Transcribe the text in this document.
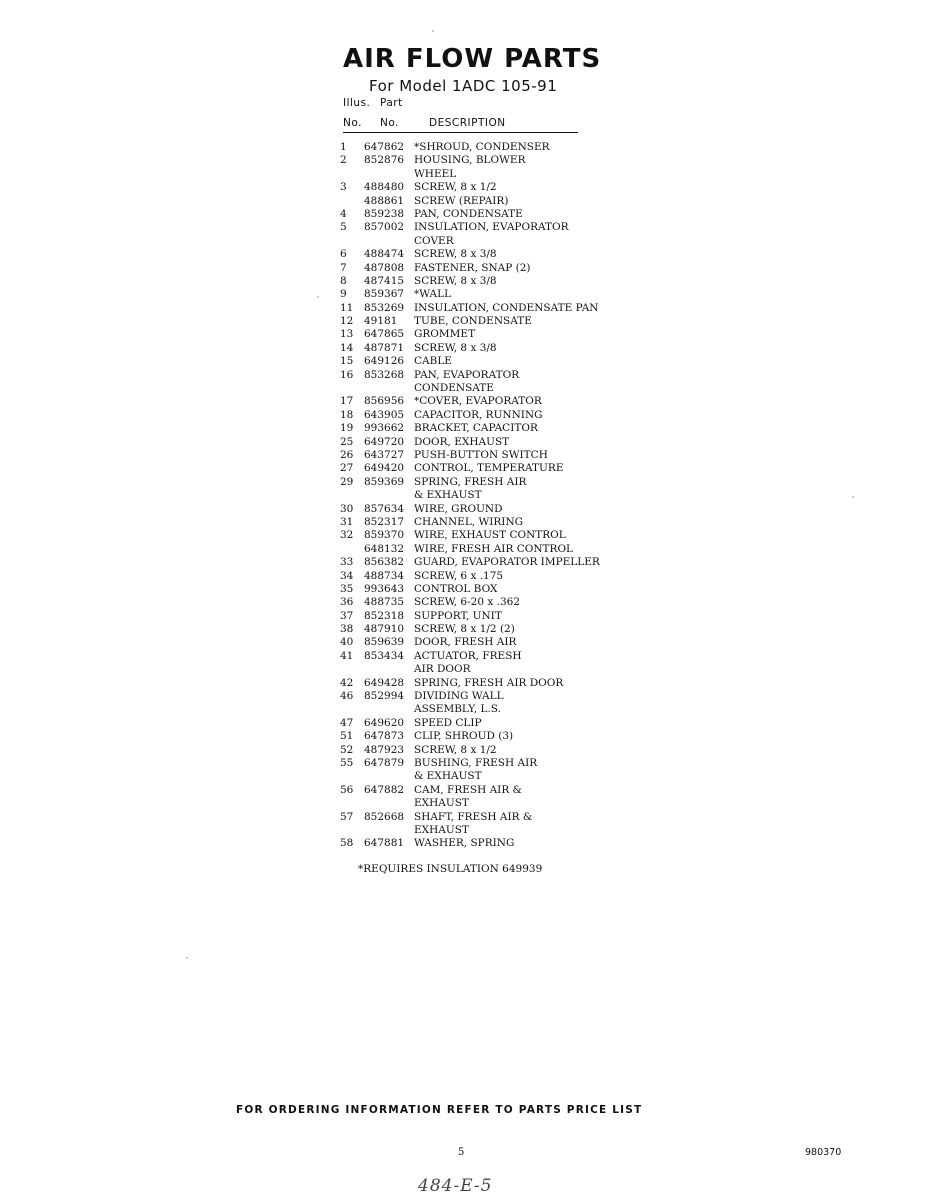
AIR FLOW PARTS
For Model 1ADC 105-91
Illus. Part
No. No.	DESCRIPTION
1 647862 *SHROUD, CONDENSER
2 852876 HOUSING, BLOWER
WHEEL
3 488480 SCREW, 8 x 1/2
488861 SCREW (REPAIR)
4 859238 PAN, CONDENSATE
5 857002 INSULATION, EVAPORATOR
COVER
6 488474 SCREW, 8 x 3/8
7 487808 FASTENER, SNAP (2)
8 487415 SCREW, 8 x 3/8
9 859367 *WALL
11 853269 INSULATION, CONDENSATE PAN
12 49181 TUBE, CONDENSATE
13 647865 GROMMET
14 487871 SCREW, 8 x 3/8
15 649126 CABLE
16 853268 PAN, EVAPORATOR
CONDENSATE
17 856956 *COVER, EVAPORATOR
18 643905 CAPACITOR, RUNNING
19 993662 BRACKET, CAPACITOR
25 649720 DOOR, EXHAUST
26 643727 PUSH-BUTTON SWITCH
27 649420 CONTROL, TEMPERATURE
29 859369 SPRING, FRESH AIR
& EXHAUST
30 857634 WIRE, GROUND
31 852317 CHANNEL, WIRING
32 859370 WIRE, EXHAUST CONTROL
648132 WIRE, FRESH AIR CONTROL
33 856382 GUARD, EVAPORATOR IMPELLER
34 488734 SCREW, 6 x .175
35 993643 CONTROL BOX
36 488735 SCREW, 6-20 x .362
37 852318 SUPPORT, UNIT
38 487910 SCREW, 8 x 1/2 (2)
40 859639 DOOR, FRESH AIR
41 853434 ACTUATOR, FRESH
AIR DOOR
42 649428 SPRING, FRESH AIR DOOR
46 852994 DIVIDING WALL
ASSEMBLY, L.S.
47 649620 SPEED CLIP
51 647873 CLIP, SHROUD (3)
52 487923 SCREW, 8 x 1/2
55 647879 BUSHING, FRESH AIR
& EXHAUST
56 647882 CAM, FRESH AIR &
EXHAUST
57 852668 SHAFT, FRESH AIR &
EXHAUST
58 647881 WASHER, SPRING
*REQUIRES INSULATION 649939
FOR ORDERING INFORMATION REFER TO PARTS PRICE LIST
5	980370
484-E-5
